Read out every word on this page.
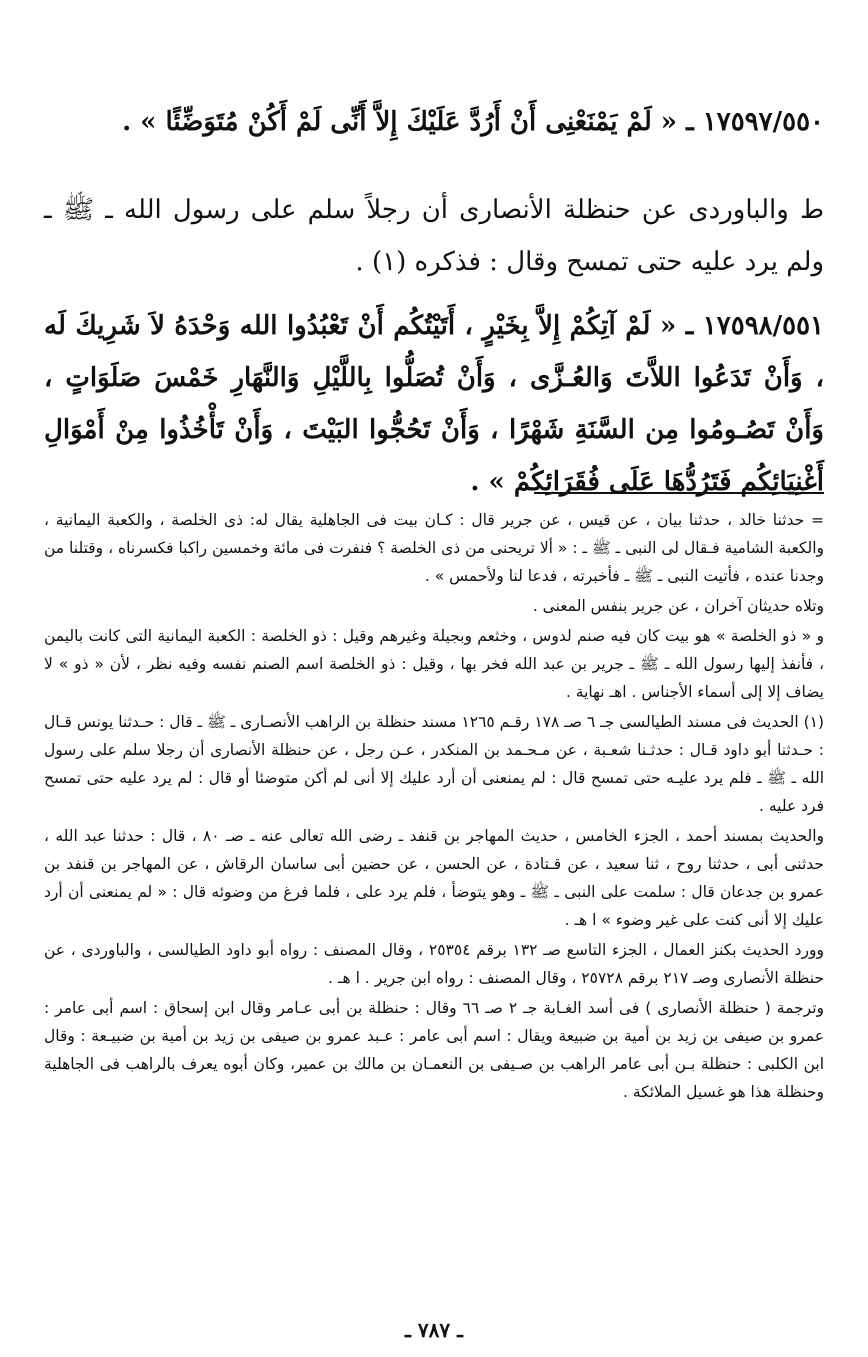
١٧٥٩٧/٥٥٠ ـ « لَمْ يَمْنَعْنِى أَنْ أَرُدَّ عَلَيْكَ إِلاَّ أَنِّى لَمْ أَكُنْ مُتَوَضِّئًا » .

ط والباوردى عن حنظلة الأنصارى أن رجلاً سلم على رسول الله ـ ﷺ ـ ولم يرد عليه حتى تمسح وقال : فذكره (١) .

١٧٥٩٨/٥٥١ ـ « لَمْ آتِكُمْ إِلاَّ بِخَيْرٍ ، أَتَيْتُكُم أَنْ تَعْبُدُوا الله وَحْدَهُ لاَ شَرِيكَ لَه ، وَأَنْ تَدَعُوا اللاَّتَ وَالعُـزَّى ، وَأَنْ تُصَلُّوا بِاللَّيْلِ وَالنَّهَارِ خَمْسَ صَلَوَاتٍ ، وَأَنْ تَصُـومُوا مِن السَّنَةِ شَهْرًا ، وَأَنْ تَحُجُّوا البَيْتَ ، وَأَنْ تَأْخُذُوا مِنْ أَمْوَالِ أَغْنِيَائِكُم فَتَرُدُّهَا عَلَى فُقَرَائِكُمْ » .

= حدثنا خالد ، حدثنا بيان ، عن قيس ، عن جرير قال : كـان بيت فى الجاهلية يقال له: ذى الخلصة ، والكعبة اليمانية ، والكعبة الشامية فـقال لى النبى ـ ﷺ ـ : « ألا تريحنى من ذى الخلصة ؟ فنفرت فى مائة وخمسين راكبا فكسرناه ، وقتلنا من وجدنا عنده ، فأتيت النبى ـ ﷺ ـ فأخبرته ، فدعا لنا ولأحمس » .

وتلاه حديثان آخران ، عن جرير بنفس المعنى .

و « ذو الخلصة » هو بيت كان فيه صنم لدوس ، وخثعم وبجيلة وغيرهم وقيل : ذو الخلصة : الكعبة اليمانية التى كانت باليمن ، فأنفذ إليها رسول الله ـ ﷺ ـ جرير بن عبد الله فخر بها ، وقيل : ذو الخلصة اسم الصنم نفسه وفيه نظر ، لأن « ذو » لا يضاف إلا إلى أسماء الأجناس . اهـ نهاية .

(١) الحديث فى مسند الطيالسى جـ ٦ صـ ١٧٨ رقـم ١٢٦٥ مسند حنظلة بن الراهب الأنصـارى ـ ﷺ ـ قال : حـدثنا يونس قـال : حـدثنا أبو داود قـال : حدثـنا شعـبة ، عن مـحـمد بن المنكدر ، عـن رجل ، عن حنظلة الأنصارى أن رجلا سلم على رسول الله ـ ﷺ ـ فلم يرد عليـه حتى تمسح قال : لم يمنعنى أن أرد عليك إلا أنى لم أكن متوضئا أو قال : لم يرد عليه حتى تمسح فرد عليه .

والحديث بمسند أحمد ، الجزء الخامس ، حديث المهاجر بن قنفد ـ رضى الله تعالى عنه ـ صـ ٨٠ ، قال : حدثنا عبد الله ، حدثنى أبى ، حدثنا روح ، ثنا سعيد ، عن قـتادة ، عن الحسن ، عن حضين أبى ساسان الرقاش ، عن المهاجر بن قنفد بن عمرو بن جدعان قال : سلمت على النبى ـ ﷺ ـ وهو يتوضأ ، فلم يرد على ، فلما فرغ من وضوئه قال : « لم يمنعنى أن أرد عليك إلا أنى كنت على غير وضوء » ا هـ .

وورد الحديث بكنز العمال ، الجزء التاسع صـ ١٣٢ برقم ٢٥٣٥٤ ، وقال المصنف : رواه أبو داود الطيالسى ، والباوردى ، عن حنظلة الأنصارى وصـ ٢١٧ برقم ٢٥٧٢٨ ، وقال المصنف : رواه ابن جرير . ا هـ .

وترجمة ( حنظلة الأنصارى ) فى أسد الغـابة جـ ٢ صـ ٦٦ وقال : حنظلة بن أبى عـامر وقال ابن إسحاق : اسم أبى عامر : عمرو بن صيفى بن زيد بن أمية بن ضبيعة ويقال : اسم أبى عامر : عـبد عمرو بن صيفى بن زيد بن أمية بن ضبيـعة : وقال ابن الكلبى : حنظلة بـن أبى عامر الراهب بن صـيفى بن النعمـان بن مالك بن عمير، وكان أبوه يعرف بالراهب فى الجاهلية وحنظلة هذا هو غسيل الملائكة .

ـ ٧٨٧ ـ
